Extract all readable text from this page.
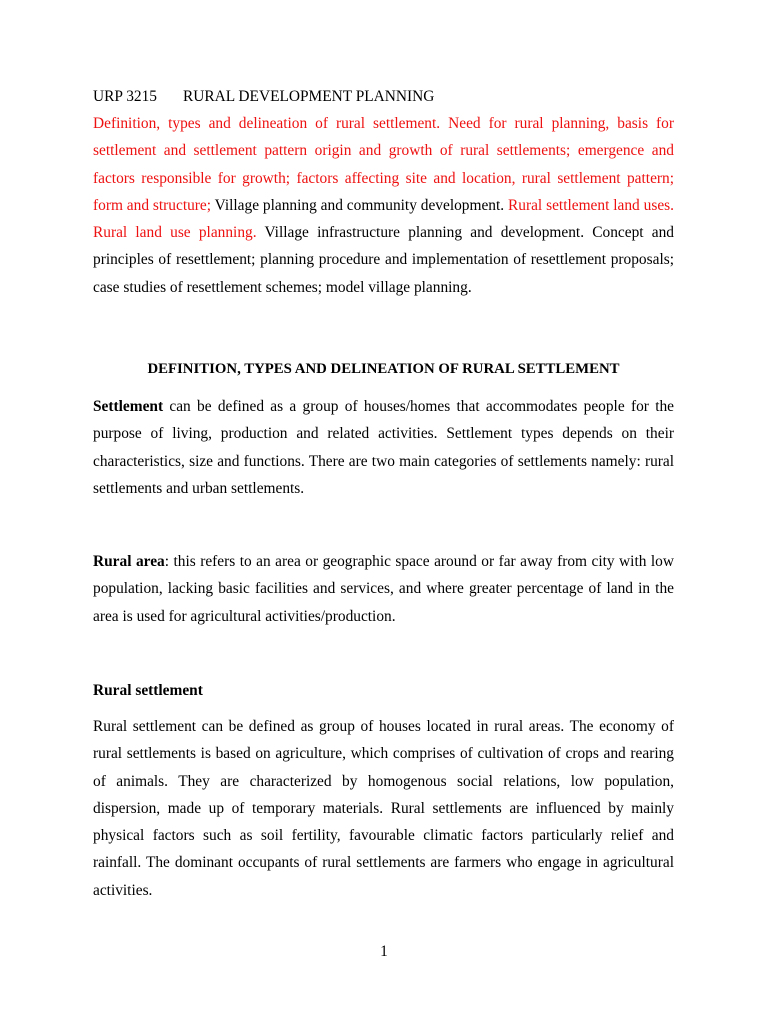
URP 3215 RURAL DEVELOPMENT PLANNING

Definition, types and delineation of rural settlement. Need for rural planning, basis for settlement and settlement pattern origin and growth of rural settlements; emergence and factors responsible for growth; factors affecting site and location, rural settlement pattern; form and structure; Village planning and community development. Rural settlement land uses. Rural land use planning. Village infrastructure planning and development. Concept and principles of resettlement; planning procedure and implementation of resettlement proposals; case studies of resettlement schemes; model village planning.

DEFINITION, TYPES AND DELINEATION OF RURAL SETTLEMENT

Settlement can be defined as a group of houses/homes that accommodates people for the purpose of living, production and related activities. Settlement types depends on their characteristics, size and functions. There are two main categories of settlements namely: rural settlements and urban settlements.

Rural area: this refers to an area or geographic space around or far away from city with low population, lacking basic facilities and services, and where greater percentage of land in the area is used for agricultural activities/production.

Rural settlement

Rural settlement can be defined as group of houses located in rural areas. The economy of rural settlements is based on agriculture, which comprises of cultivation of crops and rearing of animals. They are characterized by homogenous social relations, low population, dispersion, made up of temporary materials. Rural settlements are influenced by mainly physical factors such as soil fertility, favourable climatic factors particularly relief and rainfall. The dominant occupants of rural settlements are farmers who engage in agricultural activities.

1
